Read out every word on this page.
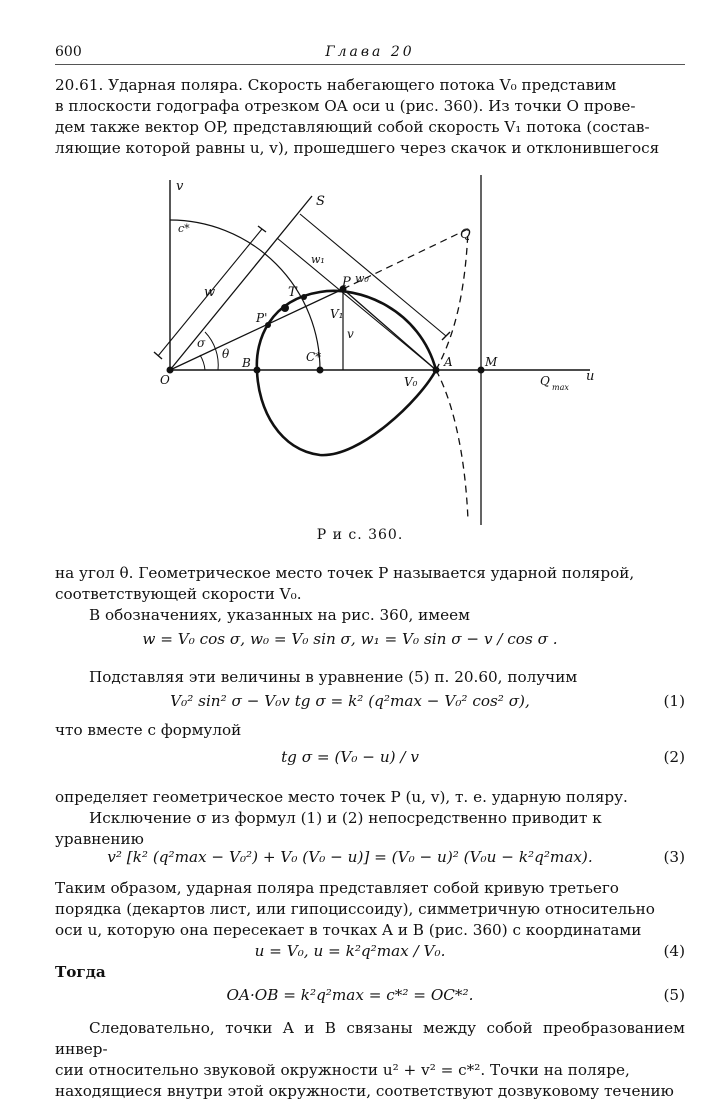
600	Глава 20
20.61. Ударная поляра. Скорость набегающего потока V₀ представим
в плоскости годографа отрезком OA оси u (рис. 360). Из точки O прове-
дем также вектор OP, представляющий собой скорость V₁ потока (состав-
ляющие которой равны u, v), прошедшего через скачок и отклонившегося
v
u
S
c*	Q
w₁
w₀
P
T
w
P'	V₁
v
σ
θ
O
B	C*	A	M
V₀	Q max
Р и с. 360.
на угол θ. Геометрическое место точек P называется ударной полярой,
соответствующей скорости V₀.
В обозначениях, указанных на рис. 360, имеем
w = V₀ cos σ, w₀ = V₀ sin σ, w₁ = V₀ sin σ − v / cos σ .
Подставляя эти величины в уравнение (5) п. 20.60, получим
V₀² sin² σ − V₀v tg σ = k² (q²max − V₀² cos² σ),	(1)
что вместе с формулой
tg σ = (V₀ − u) / v	(2)
определяет геометрическое место точек P (u, v), т. е. ударную поляру.
Исключение σ из формул (1) и (2) непосредственно приводит к
уравнению
v² [k² (q²max − V₀²) + V₀ (V₀ − u)] = (V₀ − u)² (V₀u − k²q²max).	(3)
Таким образом, ударная поляра представляет собой кривую третьего
порядка (декартов лист, или гипоциссоиду), симметричную относительно
оси u, которую она пересекает в точках A и B (рис. 360) с координатами
u = V₀, u = k²q²max / V₀.	(4)
Тогда
OA·OB = k²q²max = c*² = OC*².	(5)
Следовательно, точки A и B связаны между собой преобразованием инвер-
сии относительно звуковой окружности u² + v² = c*². Точки на поляре,
находящиеся внутри этой окружности, соответствуют дозвуковому течению
